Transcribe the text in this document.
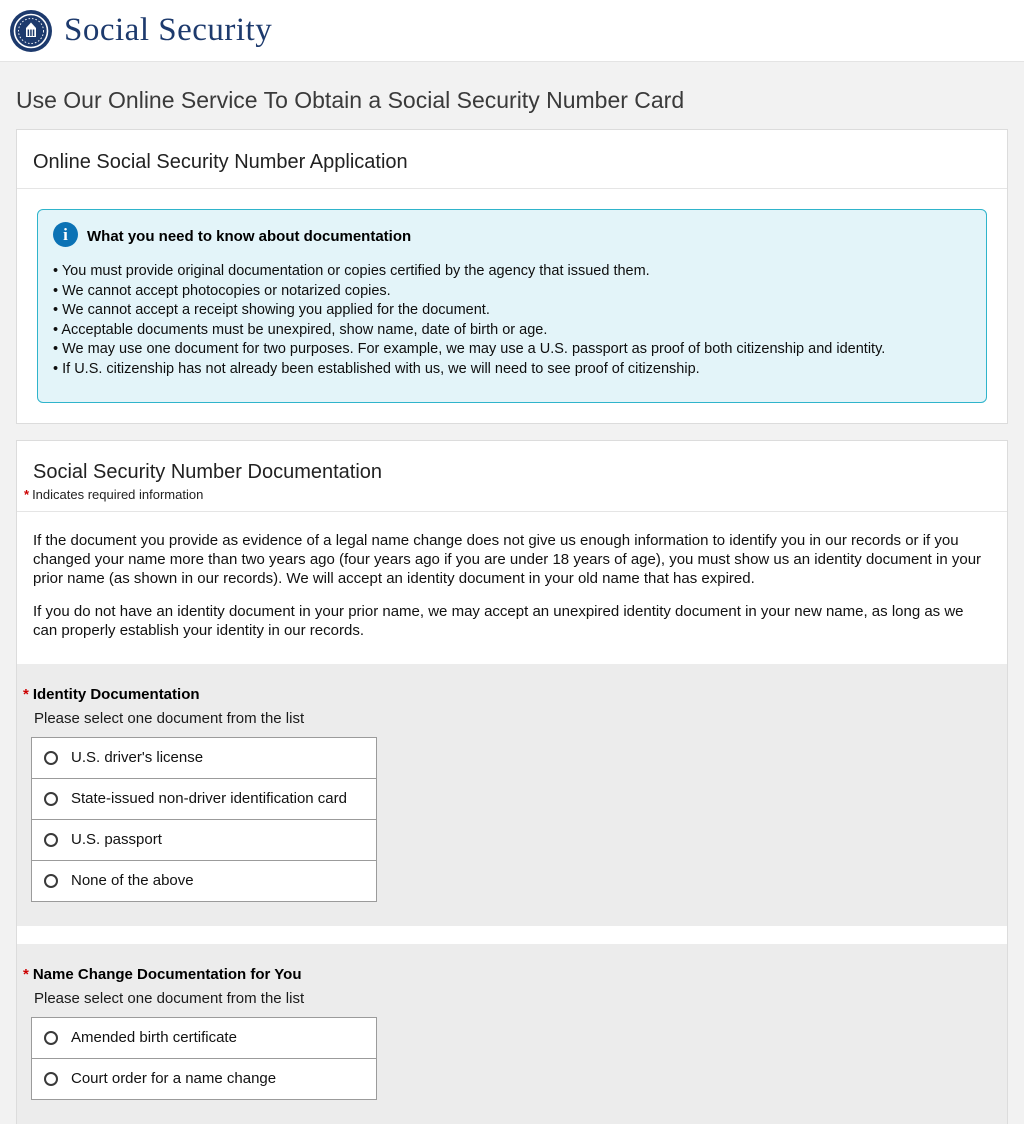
Social Security
Use Our Online Service To Obtain a Social Security Number Card
Online Social Security Number Application
i	What you need to know about documentation
• You must provide original documentation or copies certified by the agency that issued them.
• We cannot accept photocopies or notarized copies.
• We cannot accept a receipt showing you applied for the document.
• Acceptable documents must be unexpired, show name, date of birth or age.
• We may use one document for two purposes. For example, we may use a U.S. passport as proof of both citizenship and identity.
• If U.S. citizenship has not already been established with us, we will need to see proof of citizenship.
Social Security Number Documentation
* Indicates required information

If the document you provide as evidence of a legal name change does not give us enough information to identify you in our records or if you changed your name more than two years ago (four years ago if you are under 18 years of age), you must show us an identity document in your prior name (as shown in our records). We will accept an identity document in your old name that has expired.

If you do not have an identity document in your prior name, we may accept an unexpired identity document in your new name, as long as we can properly establish your identity in our records.

* Identity Documentation
Please select one document from the list
U.S. driver's license
State-issued non-driver identification card
U.S. passport
None of the above
* Name Change Documentation for You
Please select one document from the list
Amended birth certificate
Court order for a name change
